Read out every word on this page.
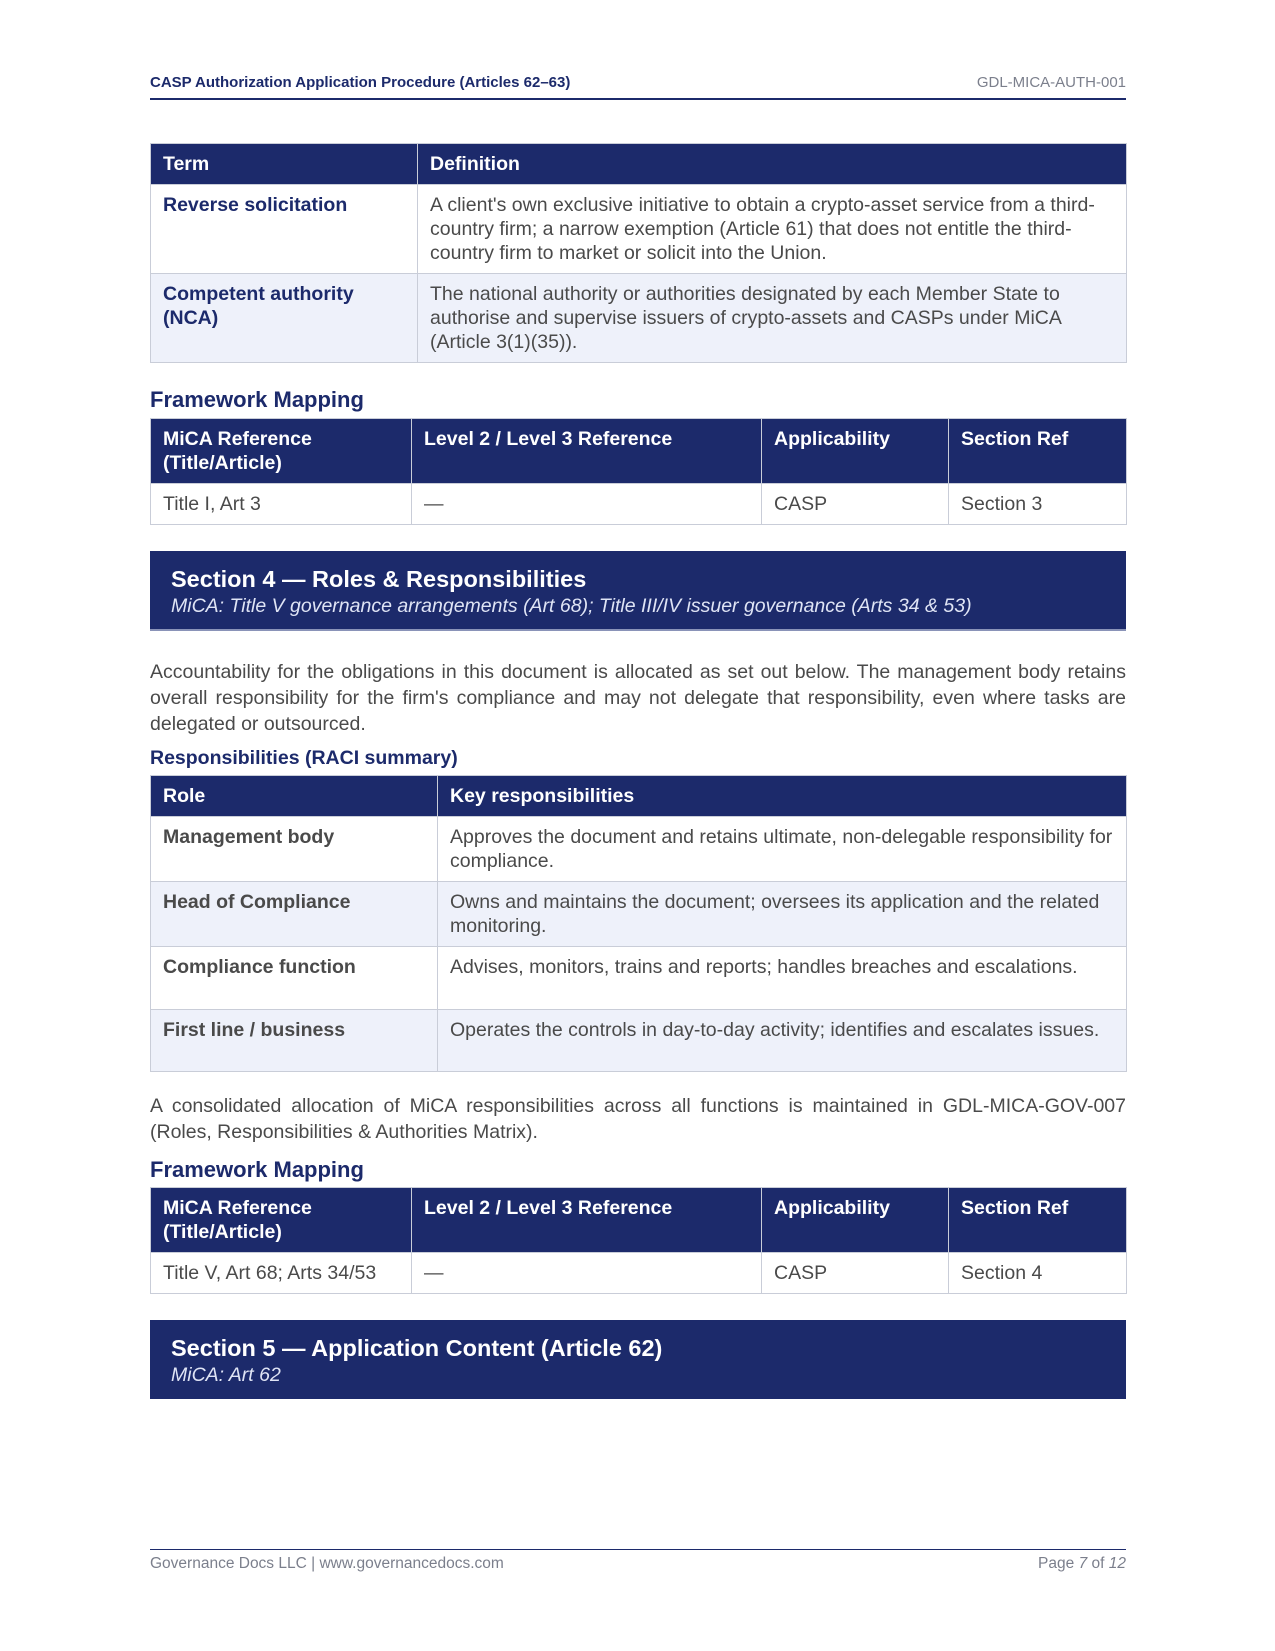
CASP Authorization Application Procedure (Articles 62–63)	GDL-MICA-AUTH-001
Term	Definition
Reverse solicitation	A client's own exclusive initiative to obtain a crypto-asset service from a third-country firm; a narrow exemption (Article 61) that does not entitle the third-country firm to market or solicit into the Union.
Competent authority (NCA)	The national authority or authorities designated by each Member State to authorise and supervise issuers of crypto-assets and CASPs under MiCA (Article 3(1)(35)).
Framework Mapping
MiCA Reference (Title/Article)	Level 2 / Level 3 Reference	Applicability	Section Ref
Title I, Art 3	—	CASP	Section 3
Section 4 — Roles & Responsibilities
MiCA: Title V governance arrangements (Art 68); Title III/IV issuer governance (Arts 34 & 53)
Accountability for the obligations in this document is allocated as set out below. The management body retains overall responsibility for the firm's compliance and may not delegate that responsibility, even where tasks are delegated or outsourced.
Responsibilities (RACI summary)
Role	Key responsibilities
Management body	Approves the document and retains ultimate, non-delegable responsibility for compliance.
Head of Compliance	Owns and maintains the document; oversees its application and the related monitoring.
Compliance function	Advises, monitors, trains and reports; handles breaches and escalations.
First line / business	Operates the controls in day-to-day activity; identifies and escalates issues.
A consolidated allocation of MiCA responsibilities across all functions is maintained in GDL-MICA-GOV-007 (Roles, Responsibilities & Authorities Matrix).
Framework Mapping
MiCA Reference (Title/Article)	Level 2 / Level 3 Reference	Applicability	Section Ref
Title V, Art 68; Arts 34/53	—	CASP	Section 4
Section 5 — Application Content (Article 62)
MiCA: Art 62
Governance Docs LLC | www.governancedocs.com	Page 7 of 12
